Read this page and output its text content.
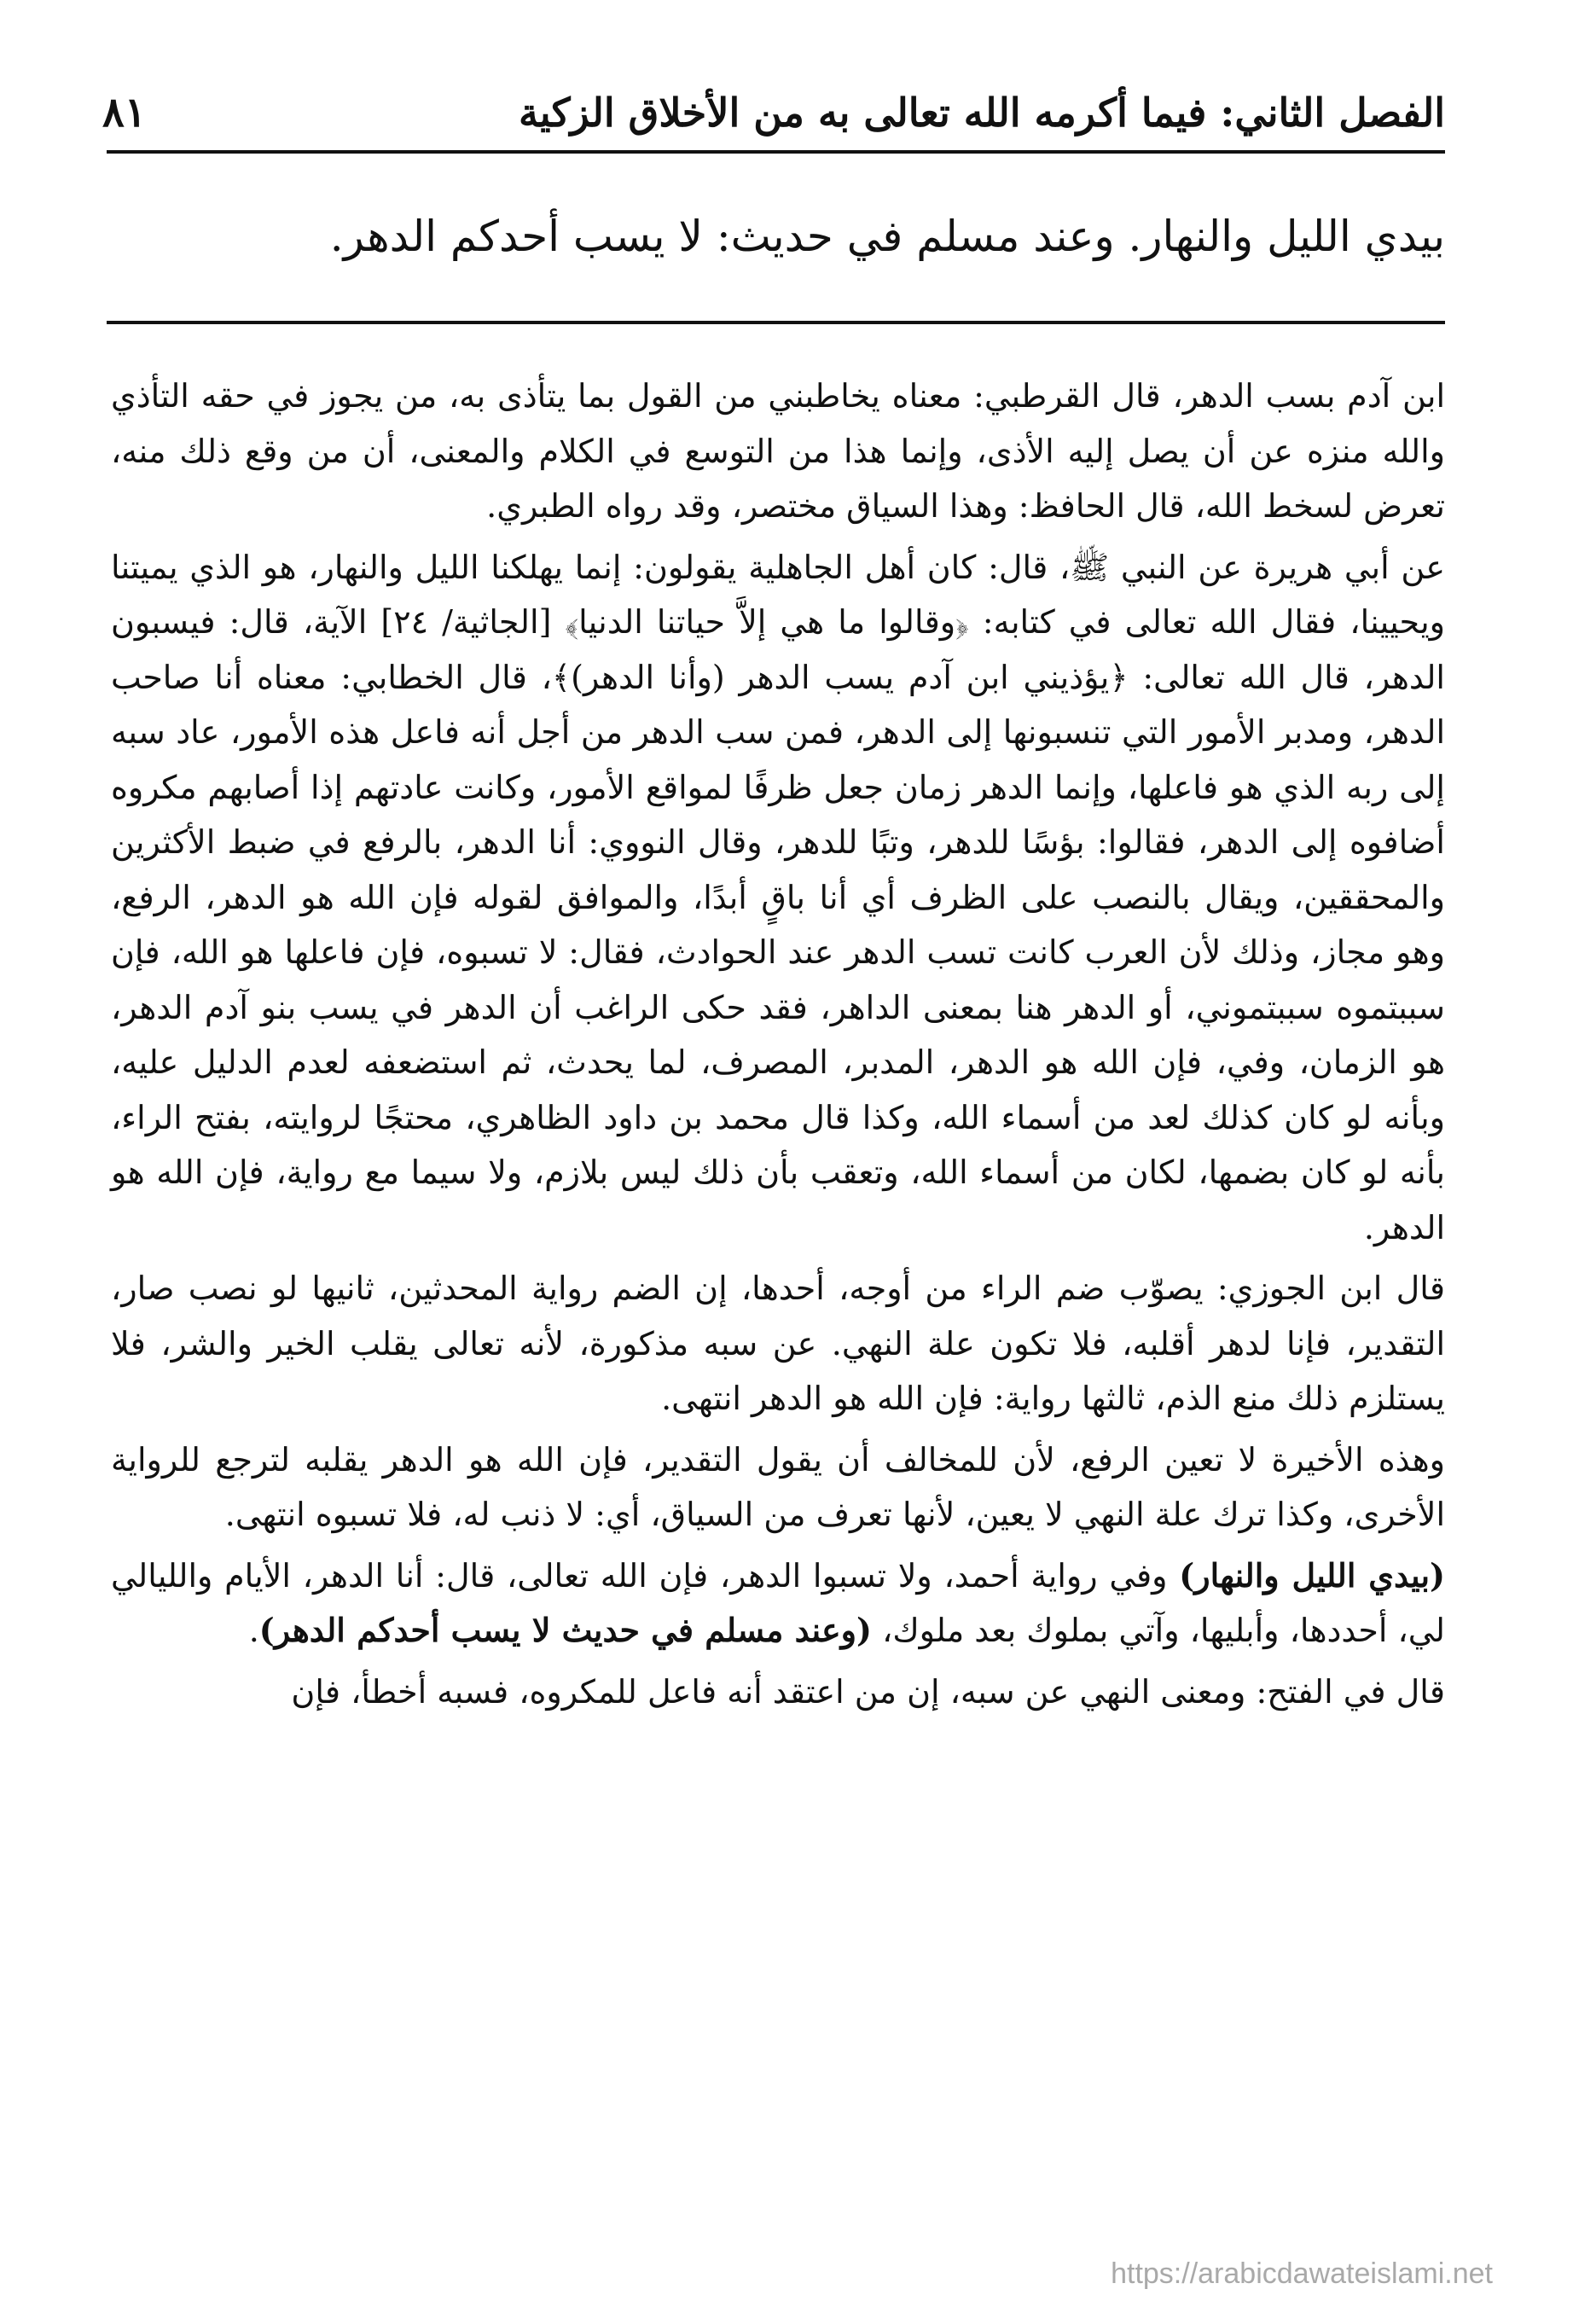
٨١	الفصل الثاني: فيما أكرمه الله تعالى به من الأخلاق الزكية
بيدي الليل والنهار. وعند مسلم في حديث: لا يسب أحدكم الدهر.

ابن آدم بسب الدهر، قال القرطبي: معناه يخاطبني من القول بما يتأذى به، من يجوز في حقه التأذي والله منزه عن أن يصل إليه الأذى، وإنما هذا من التوسع في الكلام والمعنى، أن من وقع ذلك منه، تعرض لسخط الله، قال الحافظ: وهذا السياق مختصر، وقد رواه الطبري.

عن أبي هريرة عن النبي ﷺ، قال: كان أهل الجاهلية يقولون: إنما يهلكنا الليل والنهار، هو الذي يميتنا ويحيينا، فقال الله تعالى في كتابه: ﴿وقالوا ما هي إلاَّ حياتنا الدنيا﴾ [الجاثية/ ٢٤] الآية، قال: فيسبون الدهر، قال الله تعالى: ﴿يؤذيني ابن آدم يسب الدهر (وأنا الدهر)﴾، قال الخطابي: معناه أنا صاحب الدهر، ومدبر الأمور التي تنسبونها إلى الدهر، فمن سب الدهر من أجل أنه فاعل هذه الأمور، عاد سبه إلى ربه الذي هو فاعلها، وإنما الدهر زمان جعل ظرفًا لمواقع الأمور، وكانت عادتهم إذا أصابهم مكروه أضافوه إلى الدهر، فقالوا: بؤسًا للدهر، وتبًا للدهر، وقال النووي: أنا الدهر، بالرفع في ضبط الأكثرين والمحققين، ويقال بالنصب على الظرف أي أنا باقٍ أبدًا، والموافق لقوله فإن الله هو الدهر، الرفع، وهو مجاز، وذلك لأن العرب كانت تسب الدهر عند الحوادث، فقال: لا تسبوه، فإن فاعلها هو الله، فإن سببتموه سببتموني، أو الدهر هنا بمعنى الداهر، فقد حكى الراغب أن الدهر في يسب بنو آدم الدهر، هو الزمان، وفي، فإن الله هو الدهر، المدبر، المصرف، لما يحدث، ثم استضعفه لعدم الدليل عليه، وبأنه لو كان كذلك لعد من أسماء الله، وكذا قال محمد بن داود الظاهري، محتجًا لروايته، بفتح الراء، بأنه لو كان بضمها، لكان من أسماء الله، وتعقب بأن ذلك ليس بلازم، ولا سيما مع رواية، فإن الله هو الدهر.

قال ابن الجوزي: يصوّب ضم الراء من أوجه، أحدها، إن الضم رواية المحدثين، ثانيها لو نصب صار، التقدير، فإنا لدهر أقلبه، فلا تكون علة النهي. عن سبه مذكورة، لأنه تعالى يقلب الخير والشر، فلا يستلزم ذلك منع الذم، ثالثها رواية: فإن الله هو الدهر انتهى.

وهذه الأخيرة لا تعين الرفع، لأن للمخالف أن يقول التقدير، فإن الله هو الدهر يقلبه لترجع للرواية الأخرى، وكذا ترك علة النهي لا يعين، لأنها تعرف من السياق، أي: لا ذنب له، فلا تسبوه انتهى.

(بيدي الليل والنهار) وفي رواية أحمد، ولا تسبوا الدهر، فإن الله تعالى، قال: أنا الدهر، الأيام والليالي لي، أحددها، وأبليها، وآتي بملوك بعد ملوك، (وعند مسلم في حديث لا يسب أحدكم الدهر).

قال في الفتح: ومعنى النهي عن سبه، إن من اعتقد أنه فاعل للمكروه، فسبه أخطأ، فإن

https://arabicdawateislami.net
